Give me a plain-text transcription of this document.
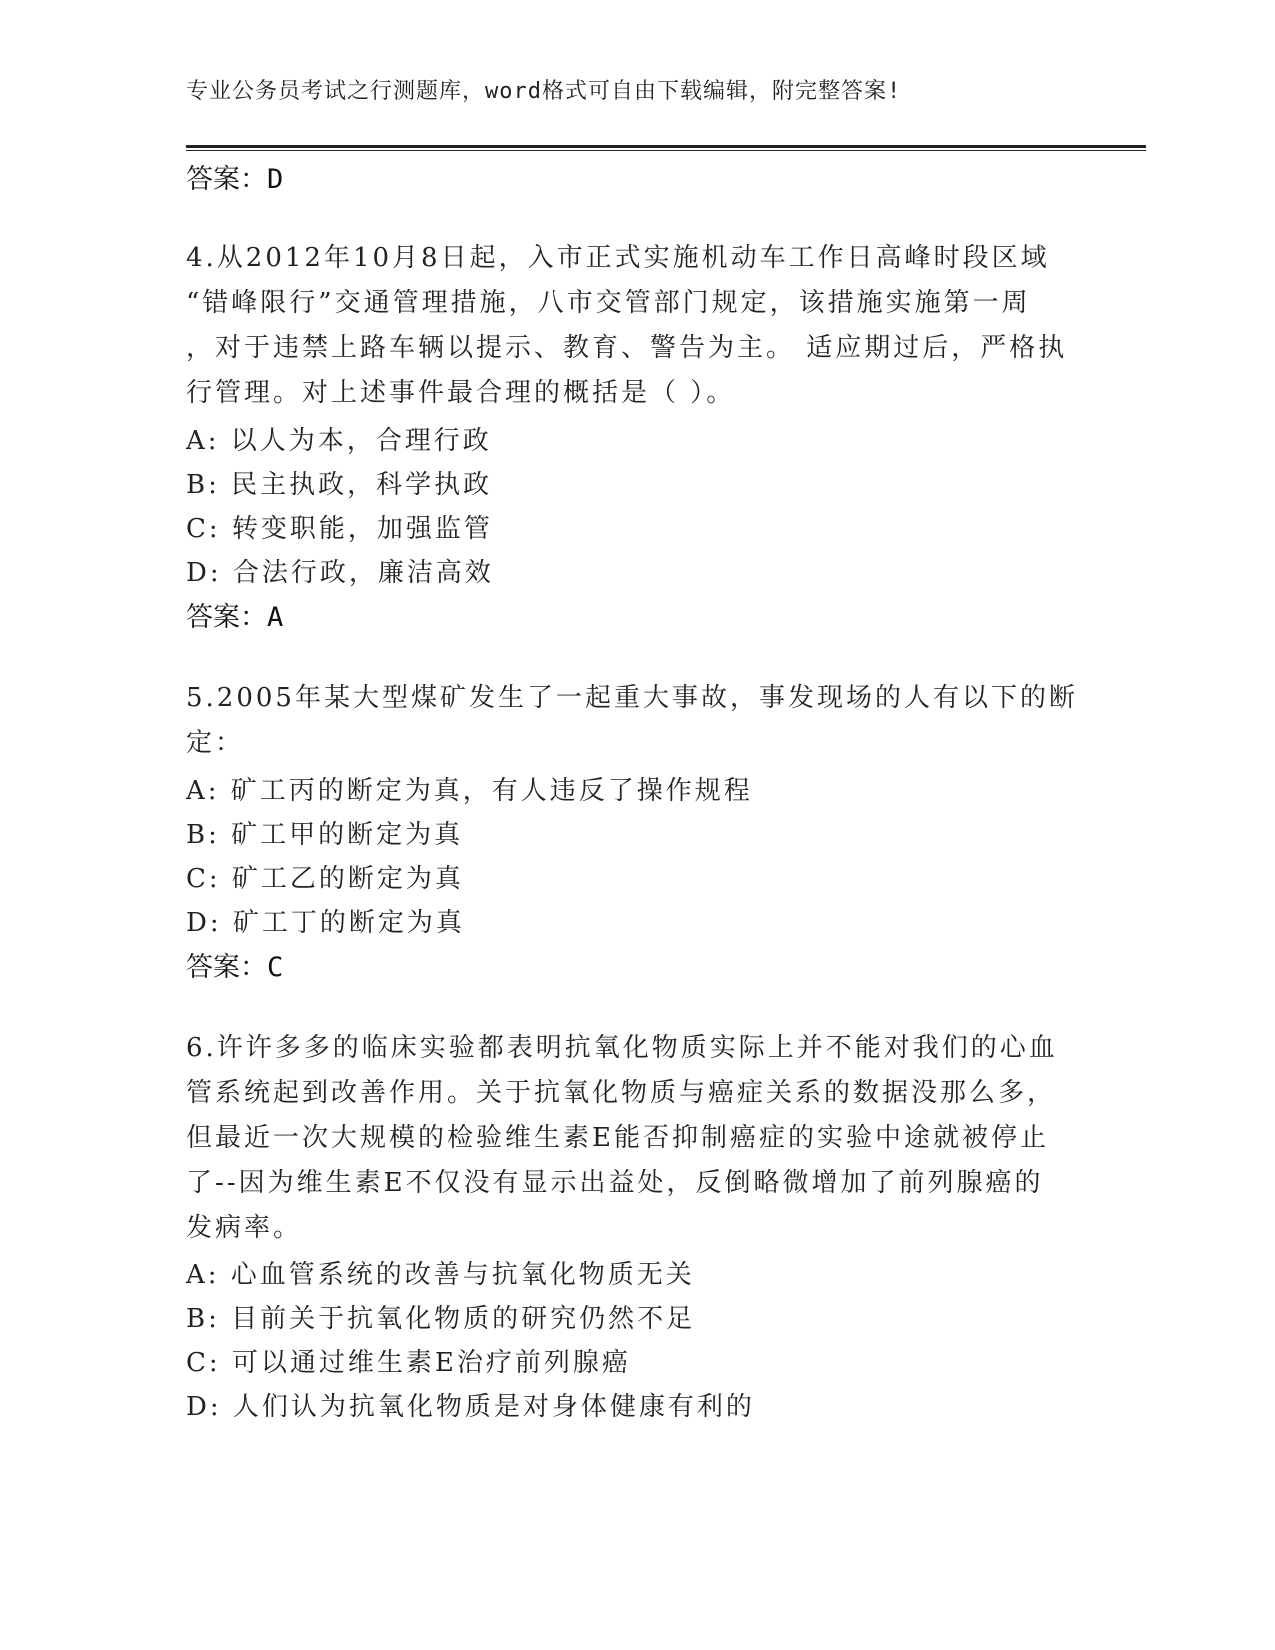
专业公务员考试之行测题库，word格式可自由下载编辑，附完整答案!
答案：D

4.从2012年10月8日起，入市正式实施机动车工作日高峰时段区域

“错峰限行”交通管理措施，八市交管部门规定，该措施实施第一周

，对于违禁上路车辆以提示、教育、警告为主。 适应期过后，严格执

行管理。对上述事件最合理的概括是（ ）。

A: 以人为本，合理行政
B: 民主执政，科学执政
C: 转变职能，加强监管
D: 合法行政，廉洁高效
答案：A

5.2005年某大型煤矿发生了一起重大事故，事发现场的人有以下的断

定：

A: 矿工丙的断定为真，有人违反了操作规程
B: 矿工甲的断定为真
C: 矿工乙的断定为真
D: 矿工丁的断定为真
答案：C

6.许许多多的临床实验都表明抗氧化物质实际上并不能对我们的心血

管系统起到改善作用。关于抗氧化物质与癌症关系的数据没那么多，

但最近一次大规模的检验维生素E能否抑制癌症的实验中途就被停止

了--因为维生素E不仅没有显示出益处，反倒略微增加了前列腺癌的

发病率。

A: 心血管系统的改善与抗氧化物质无关
B: 目前关于抗氧化物质的研究仍然不足
C: 可以通过维生素E治疗前列腺癌
D: 人们认为抗氧化物质是对身体健康有利的
